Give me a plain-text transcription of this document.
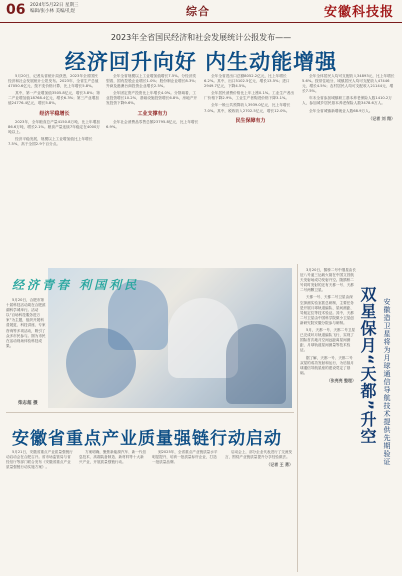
06 2024年5月22日 星期三
编辑/张小林 美编/孔煜	综合	安徽科技报
2023年全省国民经济和社会发展统计公报发布——
经济回升向好 内生动能增强

5月20日，记者从省统计局获悉，2023年全省国民经济和社会发展统计公报发布。2023年，全省生产总值47050.6亿元，按不变价格计算，比上年增长5.8%。

其中，第一产业增加值3505.8亿元，增长3.8%；第二产业增加值18768.4亿元，增长6.3%；第三产业增加值24776.4亿元，增长5.8%。

经济平稳增长

2023年，全年粮食总产量4150.8万吨，比上年增加86.6万吨，增长2.1%。粮食产量连续7年稳定在4000万吨以上。

经济平稳发展，规模以上工业增加值比上年增长7.5%，高于全国2.9个百分点。

全年全省规模以上工业增加值增长7.5%。分经济类型看，国有控股企业增长1.0%；股份制企业增长8.3%；外商及港澳台商投资企业增长2.5%。

全年固定资产投资比上年增长4.0%。分领域看，工业投资增长10.2%，基础设施投资增长6.8%，房地产开发投资下降9.6%。

工业支撑有力

全年社会消费品零售总额23795.8亿元，比上年增长6.9%。

全年全省进出口总额8052.2亿元，比上年增长6.2%。其中，出口5102.5亿元，增长13.5%；进口2949.7亿元，下降4.5%。

全年居民消费价格比上年上涨0.1%。工业生产者出厂价格下降2.9%，工业生产者购进价格下降3.1%。

全年一般公共预算收入3939.0亿元，比上年增长7.0%。其中，税收收入2702.5亿元，增长12.0%。

民生保障有力

全年全体居民人均可支配收入34893元，比上年增长5.6%。按常住地分，城镇居民人均可支配收入47446元，增长4.5%；农村居民人均可支配收入21144元，增长7.5%。

年末全省参加城镇职工基本养老保险人数1410.2万人，参加城乡居民基本养老保险人数3478.6万人。

全年全省城镇新增就业人数68.9万人。

（记者 刘 翔）
经济青春 利国利民

5月20日，合肥市第十届科技活动周在合肥滨湖科学城举行。活动以“百场科技服务进万家”为主题，组织开展科普展览、科技讲座、专家咨询等多项活动，吸引了众多市民参与。图为市民在活动现场体验科技成果。

柴志超 摄

3月20日，鹊桥二号中继星由长征八号遥三运载火箭在中国文昌航天发射场成功发射升空。随鹊桥二号同时发射的还有天都一号、天都二号两颗卫星。

天都一号、天都二号卫星由深空探测实验室抓总研制，主要任务是开展月球轨道编队、星间测距、导航定位等技术验证。其中，天都二号卫星由中国科学院微小卫星创新研究院安徽分院参与研制。

5月，天都一号、天都二号卫星已完成环月轨道编队飞行，实现了国际首次地月空间远距离星间测距、月球轨道星间测量等技术验证。

据了解，天都一号、天都二号双星的成功发射和运行，为后续月球通信导航星座的建设奠定了基础。

（张亮亮 整理） 双星保月“天都”升空 安徽造卫星将为月球通信导航技术提供先期验证
安徽省重点产业质量强链行动启动

5月21日，安徽省重点产业质量强链行动启动会在合肥召开。省市场监管局与省经信厅等部门联合发布《安徽省重点产业质量强链行动实施方案》。

方案明确，聚焦新能源汽车、新一代信息技术、高端装备制造、新材料等十大新兴产业，开展质量强链行动。

到2025年，全省重点产业链质量水平明显提升，培育一批质量标杆企业，打造一批质量品牌。

启动会上，部分企业代表进行了交流发言，围绕产业链质量提升分享经验做法。

（记者 王 勇）
